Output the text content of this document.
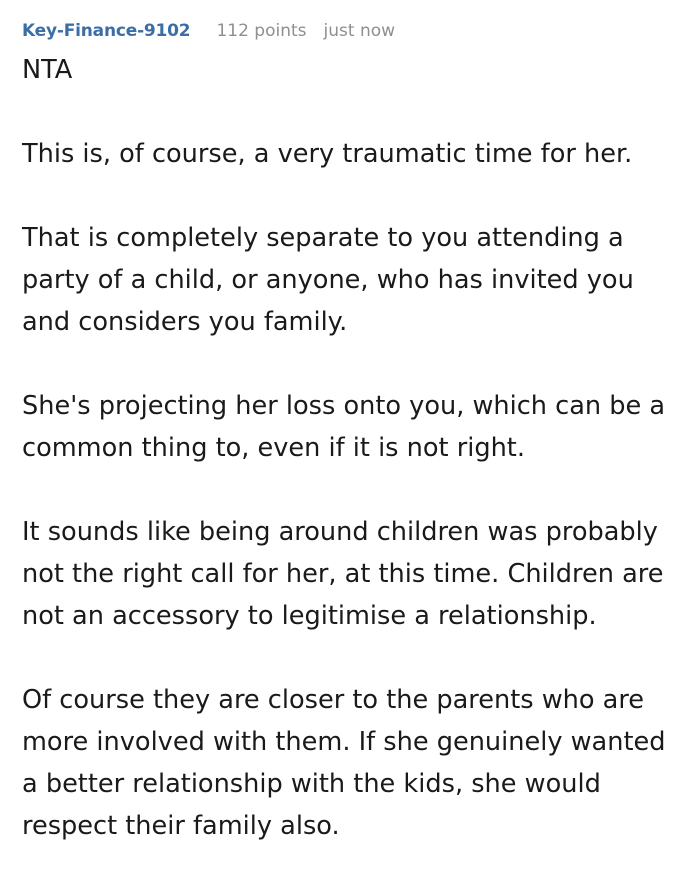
Key-Finance-9102 112 points just now

NTA

This is, of course, a very traumatic time for her.

That is completely separate to you attending a party of a child, or anyone, who has invited you and considers you family.

She's projecting her loss onto you, which can be a common thing to, even if it is not right.

It sounds like being around children was probably not the right call for her, at this time. Children are not an accessory to legitimise a relationship.

Of course they are closer to the parents who are more involved with them. If she genuinely wanted a better relationship with the kids, she would respect their family also.
